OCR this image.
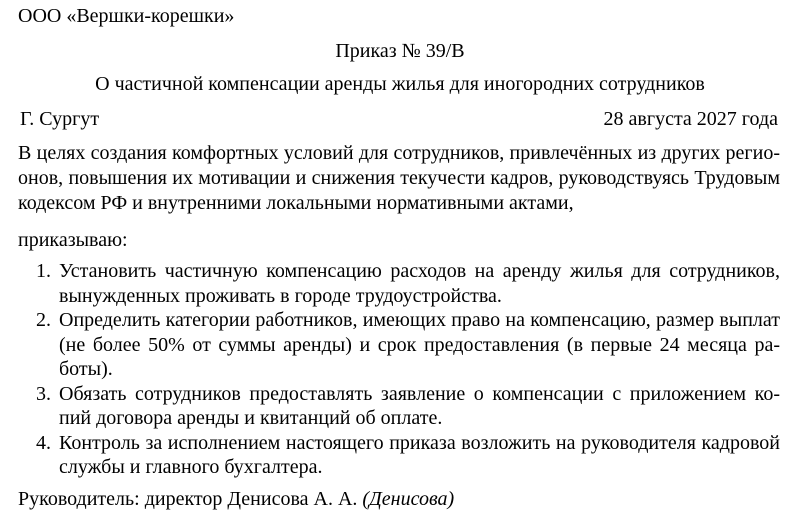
ООО «Вершки-корешки»
Приказ № 39/В
О частичной компенсации аренды жилья для иногородних сотрудников
Г. Сургут	28 августа 2027 года
В целях создания комфортных условий для сотрудников, привлечённых из других регио-
онов, повышения их мотивации и снижения текучести кадров, руководствуясь Трудовым
кодексом РФ и внутренними локальными нормативными актами,
приказываю:
1. Установить частичную компенсацию расходов на аренду жилья для сотрудников,
вынужденных проживать в городе трудоустройства.
2. Определить категории работников, имеющих право на компенсацию, размер выплат
(не более 50% от суммы аренды) и срок предоставления (в первые 24 месяца ра-
боты).
3. Обязать сотрудников предоставлять заявление о компенсации с приложением ко-
пий договора аренды и квитанций об оплате.
4. Контроль за исполнением настоящего приказа возложить на руководителя кадровой
службы и главного бухгалтера.
Руководитель: директор Денисова А. А. (Денисова)
